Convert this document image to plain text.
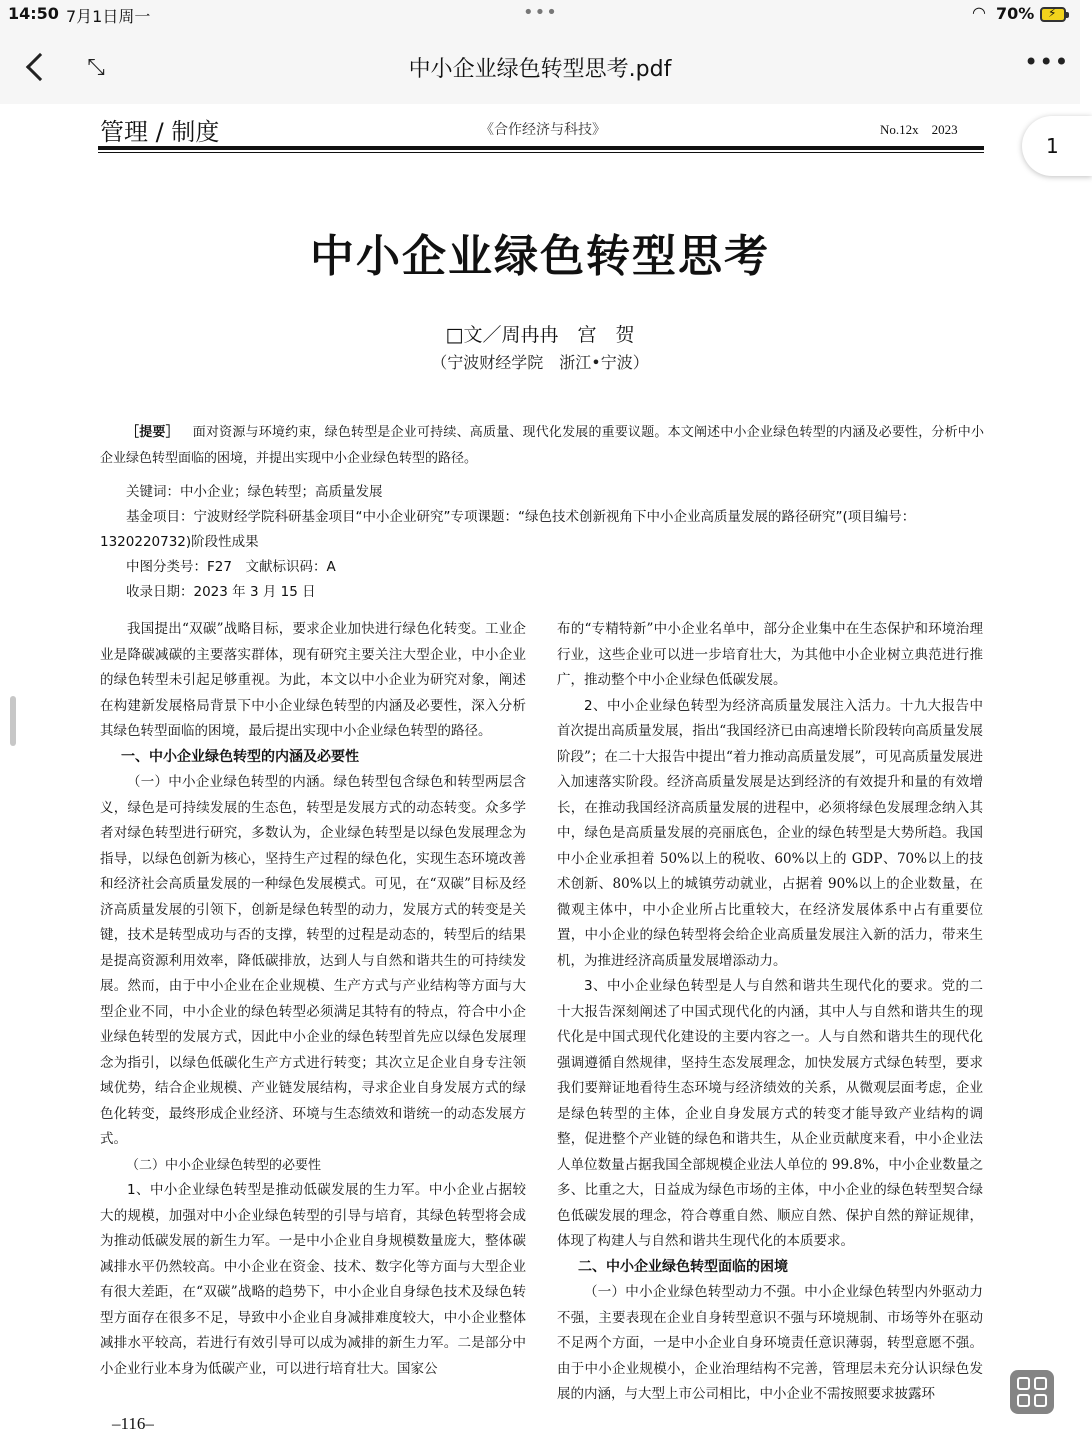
14:50 7月1日周一	•••	◠ 70% ⚡
⤡	中小企业绿色转型思考.pdf	•••
1
管理 / 制度	《合作经济与科技》	No.12x　2023
中小企业绿色转型思考
□文／周冉冉　宫　贺
（宁波财经学院　浙江•宁波）
［提要］ 面对资源与环境约束，绿色转型是企业可持续、高质量、现代化发展的重要议题。本文阐述中小企业绿色转型的内涵及必要性，分析中小企业绿色转型面临的困境，并提出实现中小企业绿色转型的路径。
关键词：中小企业；绿色转型；高质量发展
基金项目：宁波财经学院科研基金项目“中小企业研究”专项课题：“绿色技术创新视角下中小企业高质量发展的路径研究”(项目编号：1320220732)阶段性成果
中图分类号：F27　文献标识码：A
收录日期：2023 年 3 月 15 日

我国提出“双碳”战略目标，要求企业加快进行绿色化转变。工业企业是降碳减碳的主要落实群体，现有研究主要关注大型企业，中小企业的绿色转型未引起足够重视。为此，本文以中小企业为研究对象，阐述在构建新发展格局背景下中小企业绿色转型的内涵及必要性，深入分析其绿色转型面临的困境，最后提出实现中小企业绿色转型的路径。

一、中小企业绿色转型的内涵及必要性

（一）中小企业绿色转型的内涵。绿色转型包含绿色和转型两层含义，绿色是可持续发展的生态色，转型是发展方式的动态转变。众多学者对绿色转型进行研究，多数认为，企业绿色转型是以绿色发展理念为指导，以绿色创新为核心，坚持生产过程的绿色化，实现生态环境改善和经济社会高质量发展的一种绿色发展模式。可见，在“双碳”目标及经济高质量发展的引领下，创新是绿色转型的动力，发展方式的转变是关键，技术是转型成功与否的支撑，转型的过程是动态的，转型后的结果是提高资源利用效率，降低碳排放，达到人与自然和谐共生的可持续发展。然而，由于中小企业在企业规模、生产方式与产业结构等方面与大型企业不同，中小企业的绿色转型必须满足其特有的特点，符合中小企业绿色转型的发展方式，因此中小企业的绿色转型首先应以绿色发展理念为指引，以绿色低碳化生产方式进行转变；其次立足企业自身专注领域优势，结合企业规模、产业链发展结构，寻求企业自身发展方式的绿色化转变，最终形成企业经济、环境与生态绩效和谐统一的动态发展方式。

（二）中小企业绿色转型的必要性

1、中小企业绿色转型是推动低碳发展的生力军。中小企业占据较大的规模，加强对中小企业绿色转型的引导与培育，其绿色转型将会成为推动低碳发展的新生力军。一是中小企业自身规模数量庞大，整体碳减排水平仍然较高。中小企业在资金、技术、数字化等方面与大型企业有很大差距，在“双碳”战略的趋势下，中小企业自身绿色技术及绿色转型方面存在很多不足，导致中小企业自身减排难度较大，中小企业整体减排水平较高，若进行有效引导可以成为减排的新生力军。二是部分中小企业行业本身为低碳产业，可以进行培育壮大。国家公

布的“专精特新”中小企业名单中，部分企业集中在生态保护和环境治理行业，这些企业可以进一步培育壮大，为其他中小企业树立典范进行推广，推动整个中小企业绿色低碳发展。

2、中小企业绿色转型为经济高质量发展注入活力。十九大报告中首次提出高质量发展，指出“我国经济已由高速增长阶段转向高质量发展阶段”；在二十大报告中提出“着力推动高质量发展”，可见高质量发展进入加速落实阶段。经济高质量发展是达到经济的有效提升和量的有效增长，在推动我国经济高质量发展的进程中，必须将绿色发展理念纳入其中，绿色是高质量发展的亮丽底色，企业的绿色转型是大势所趋。我国中小企业承担着 50%以上的税收、60%以上的 GDP、70%以上的技术创新、80%以上的城镇劳动就业，占据着 90%以上的企业数量，在微观主体中，中小企业所占比重较大，在经济发展体系中占有重要位置，中小企业的绿色转型将会给企业高质量发展注入新的活力，带来生机，为推进经济高质量发展增添动力。

3、中小企业绿色转型是人与自然和谐共生现代化的要求。党的二十大报告深刻阐述了中国式现代化的内涵，其中人与自然和谐共生的现代化是中国式现代化建设的主要内容之一。人与自然和谐共生的现代化强调遵循自然规律，坚持生态发展理念，加快发展方式绿色转型，要求我们要辩证地看待生态环境与经济绩效的关系，从微观层面考虑，企业是绿色转型的主体，企业自身发展方式的转变才能导致产业结构的调整，促进整个产业链的绿色和谐共生，从企业贡献度来看，中小企业法人单位数量占据我国全部规模企业法人单位的 99.8%，中小企业数量之多、比重之大，日益成为绿色市场的主体，中小企业的绿色转型契合绿色低碳发展的理念，符合尊重自然、顺应自然、保护自然的辩证规律，体现了构建人与自然和谐共生现代化的本质要求。

二、中小企业绿色转型面临的困境

（一）中小企业绿色转型动力不强。中小企业绿色转型内外驱动力不强，主要表现在企业自身转型意识不强与环境规制、市场等外在驱动不足两个方面，一是中小企业自身环境责任意识薄弱，转型意愿不强。由于中小企业规模小，企业治理结构不完善，管理层未充分认识绿色发展的内涵，与大型上市公司相比，中小企业不需按照要求披露环

–116–
